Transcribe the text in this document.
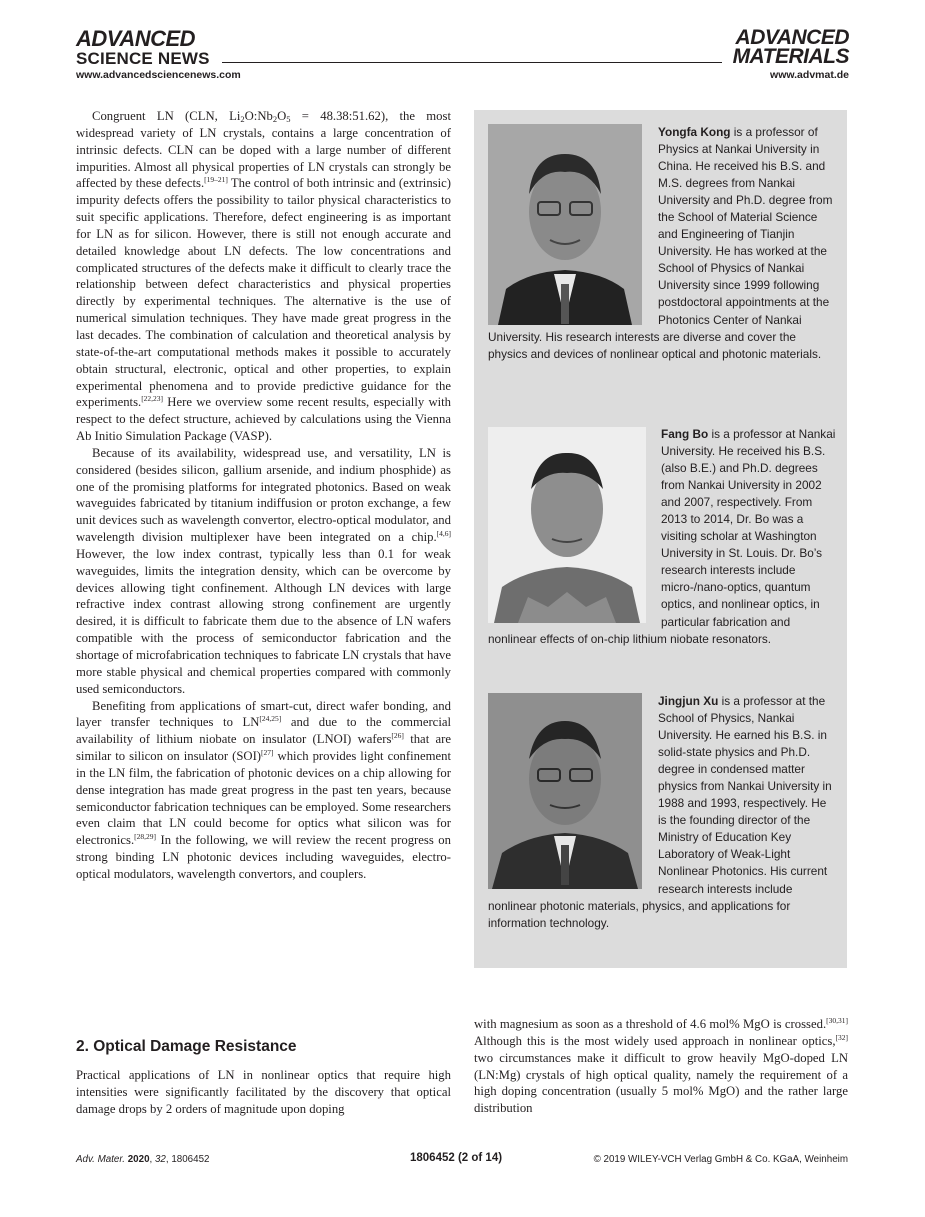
ADVANCED
SCIENCE NEWS
ADVANCED
MATERIALS
www.advancedsciencenews.com	www.advmat.de

Congruent LN (CLN, $Li_2O:Nb_2O_5$ = 48.38:51.62), the most widespread variety of LN crystals, contains a large concentration of intrinsic defects. CLN can be doped with a large number of different impurities. Almost all physical properties of LN crystals can strongly be affected by these defects.[19–21] The control of both intrinsic and (extrinsic) impurity defects offers the possibility to tailor physical characteristics to suit specific applications. Therefore, defect engineering is as important for LN as for silicon. However, there is still not enough accurate and detailed knowledge about LN defects. The low concentrations and complicated structures of the defects make it difficult to clearly trace the relationship between defect characteristics and physical properties directly by experimental techniques. The alternative is the use of numerical simulation techniques. They have made great progress in the last decades. The combination of calculation and theoretical analysis by state-of-the-art computational methods makes it possible to accurately obtain structural, electronic, optical and other properties, to explain experimental phenomena and to provide predictive guidance for the experiments.[22,23] Here we overview some recent results, especially with respect to the defect structure, achieved by calculations using the Vienna Ab Initio Simulation Package (VASP).

Because of its availability, widespread use, and versatility, LN is considered (besides silicon, gallium arsenide, and indium phosphide) as one of the promising platforms for integrated photonics. Based on weak waveguides fabricated by titanium indiffusion or proton exchange, a few unit devices such as wavelength convertor, electro-optical modulator, and wavelength division multiplexer have been integrated on a chip.[4,6] However, the low index contrast, typically less than 0.1 for weak waveguides, limits the integration density, which can be overcome by devices allowing tight confinement. Although LN devices with large refractive index contrast allowing strong confinement are urgently desired, it is difficult to fabricate them due to the absence of LN wafers compatible with the process of semiconductor fabrication and the shortage of microfabrication techniques to fabricate LN crystals that have more stable physical and chemical properties compared with commonly used semiconductors.

Benefiting from applications of smart-cut, direct wafer bonding, and layer transfer techniques to LN[24,25] and due to the commercial availability of lithium niobate on insulator (LNOI) wafers[26] that are similar to silicon on insulator (SOI)[27] which provides light confinement in the LN film, the fabrication of photonic devices on a chip allowing for dense integration has made great progress in the past ten years, because semiconductor fabrication techniques can be employed. Some researchers even claim that LN could become for optics what silicon was for electronics.[28,29] In the following, we will review the recent progress on strong binding LN photonic devices including waveguides, electro-optical modulators, wavelength convertors, and couplers.

2. Optical Damage Resistance

Practical applications of LN in nonlinear optics that require high intensities were significantly facilitated by the discovery that optical damage drops by 2 orders of magnitude upon doping

Yongfa Kong is a professor of Physics at Nankai University in China. He received his B.S. and M.S. degrees from Nankai University and Ph.D. degree from the School of Material Science and Engineering of Tianjin University. He has worked at the School of Physics of Nankai University since 1999 following postdoctoral appointments at the Photonics Center of Nankai University. His research interests are diverse and cover the physics and devices of nonlinear optical and photonic materials.
Fang Bo is a professor at Nankai University. He received his B.S. (also B.E.) and Ph.D. degrees from Nankai University in 2002 and 2007, respectively. From 2013 to 2014, Dr. Bo was a visiting scholar at Washington University in St. Louis. Dr. Bo’s research interests include micro-/nano-optics, quantum optics, and nonlinear optics, in particular fabrication and nonlinear effects of on-chip lithium niobate resonators.
Jingjun Xu is a professor at the School of Physics, Nankai University. He earned his B.S. in solid-state physics and Ph.D. degree in condensed matter physics from Nankai University in 1988 and 1993, respectively. He is the founding director of the Ministry of Education Key Laboratory of Weak-Light Nonlinear Photonics. His current research interests include nonlinear photonic materials, physics, and applications for information technology.

with magnesium as soon as a threshold of 4.6 mol% MgO is crossed.[30,31] Although this is the most widely used approach in nonlinear optics,[32] two circumstances make it difficult to grow heavily MgO-doped LN (LN:Mg) crystals of high optical quality, namely the requirement of a high doping concentration (usually 5 mol% MgO) and the rather large distribution

Adv. Mater. 2020, 32, 1806452	1806452 (2 of 14)	© 2019 WILEY-VCH Verlag GmbH & Co. KGaA, Weinheim
